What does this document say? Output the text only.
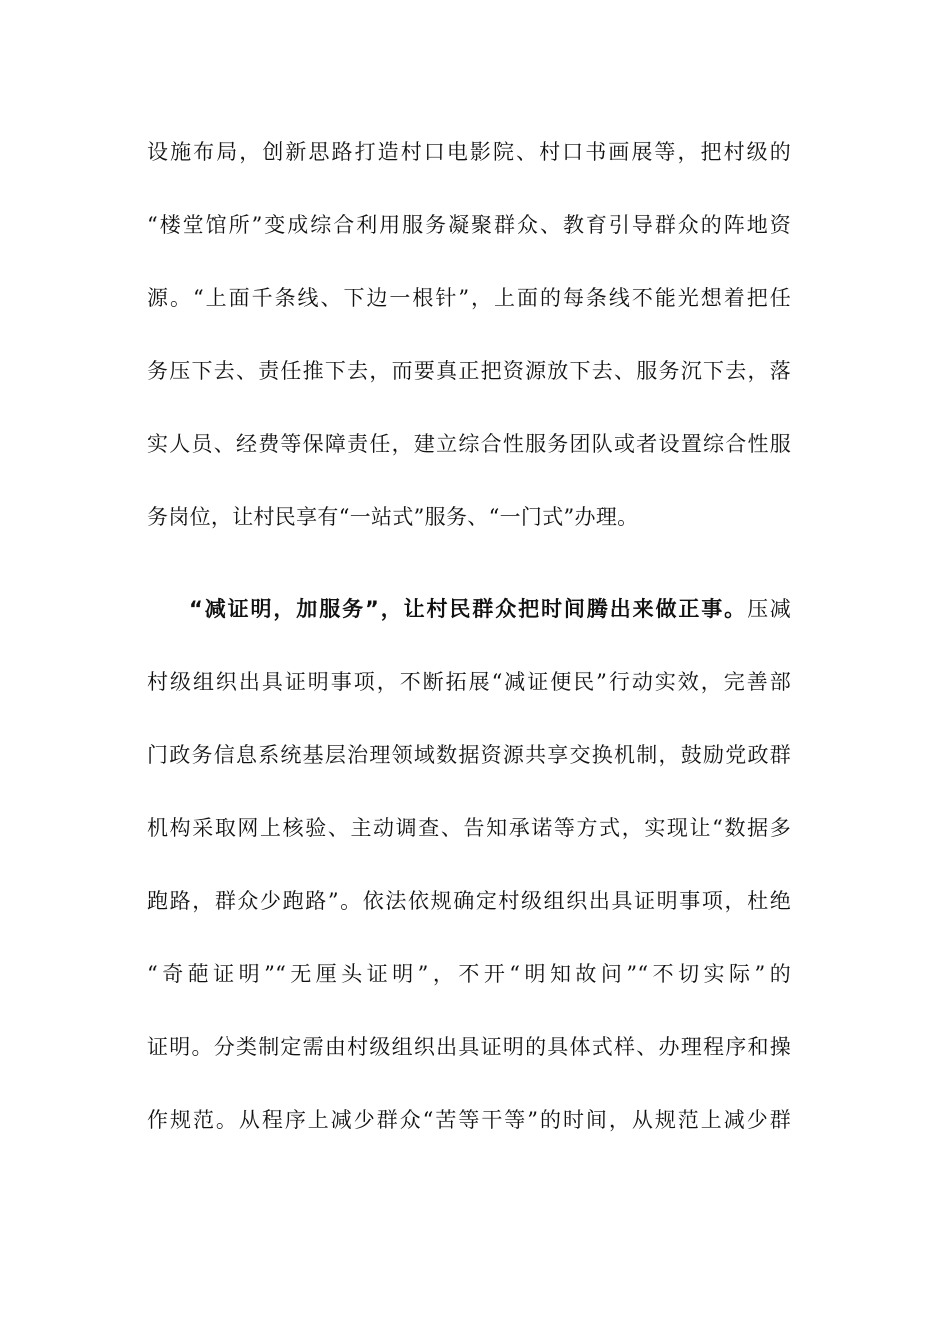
设施布局，创新思路打造村口电影院、村口书画展等，把村级的
“楼堂馆所”变成综合利用服务凝聚群众、教育引导群众的阵地资
源。“上面千条线、下边一根针”，上面的每条线不能光想着把任
务压下去、责任推下去，而要真正把资源放下去、服务沉下去，落
实人员、经费等保障责任，建立综合性服务团队或者设置综合性服
务岗位，让村民享有“一站式”服务、“一门式”办理。
“减证明，加服务”，让村民群众把时间腾出来做正事。压减
村级组织出具证明事项，不断拓展“减证便民”行动实效，完善部
门政务信息系统基层治理领域数据资源共享交换机制，鼓励党政群
机构采取网上核验、主动调查、告知承诺等方式，实现让“数据多
跑路，群众少跑路”。依法依规确定村级组织出具证明事项，杜绝
“奇葩证明”“无厘头证明”，不开“明知故问”“不切实际”的
证明。分类制定需由村级组织出具证明的具体式样、办理程序和操
作规范。从程序上减少群众“苦等干等”的时间，从规范上减少群
